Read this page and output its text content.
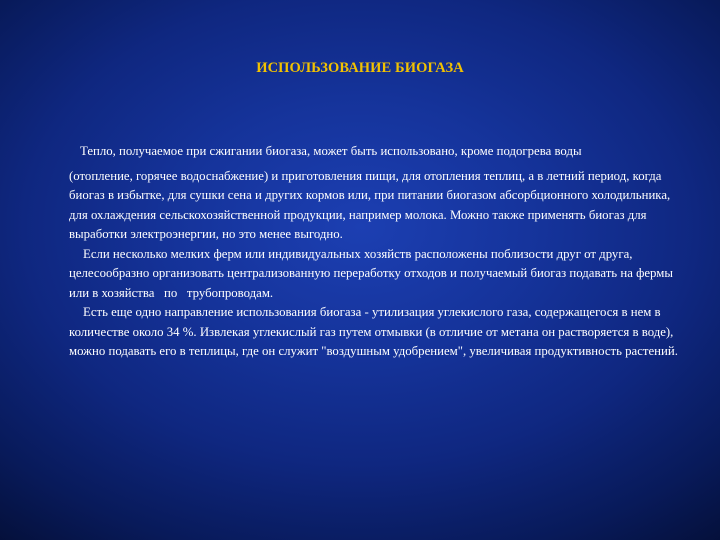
ИСПОЛЬЗОВАНИЕ БИОГАЗА

Тепло, получаемое при сжигании биогаза, может быть использовано, кроме подогрева воды

(отопление, горячее водоснабжение) и приготовления пищи, для отопления теплиц, а в летний период, когда биогаз в избытке, для сушки сена и других кормов или, при питании биогазом абсорбционного холодильника, для охлаждения сельскохозяйственной продукции, например молока. Можно также применять биогаз для выработки электроэнергии, но это менее выгодно.

Если несколько мелких ферм или индивидуальных хозяйств расположены поблизости друг от друга, целесообразно организовать централизованную переработку отходов и получаемый биогаз подавать на фермы или в хозяйства   по   трубопроводам.

Есть еще одно направление использования биогаза - утилизация углекислого газа, содержащегося в нем в количестве около 34 %. Извлекая углекислый газ путем отмывки (в отличие от метана он растворяется в воде), можно подавать его в теплицы, где он служит "воздушным удобрением", увеличивая продуктивность растений.
